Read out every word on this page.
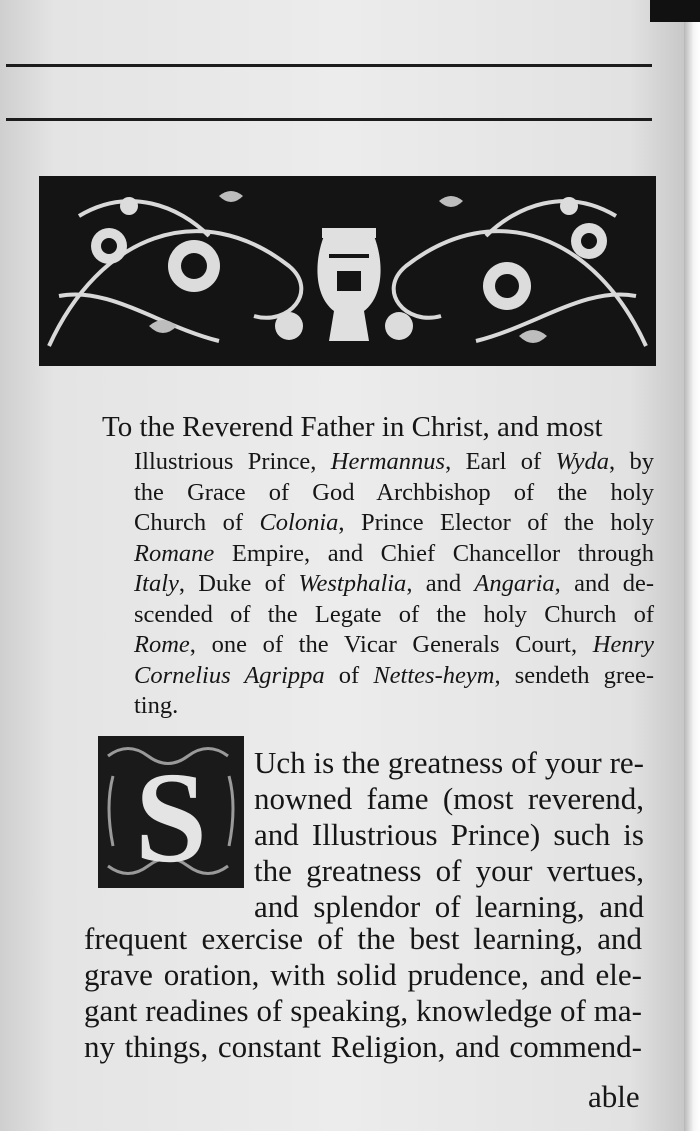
To the Reverend Father in Christ, and most
Illustrious Prince, Hermannus, Earl of Wyda, by
the Grace of God Archbishop of the holy
Church of Colonia, Prince Elector of the holy
Romane Empire, and Chief Chancellor through
Italy, Duke of Westphalia, and Angaria, and de-
scended of the Legate of the holy Church of
Rome, one of the Vicar Generals Court, Henry
Cornelius Agrippa of Nettes-heym, sendeth gree-
ting.
S Uch is the greatness of your re-
nowned fame (most reverend,
and Illustrious Prince) such is
the greatness of your vertues,
and splendor of learning, and
frequent exercise of the best learning, and
grave oration, with solid prudence, and ele-
gant readines of speaking, knowledge of ma-
ny things, constant Religion, and commend-
able
